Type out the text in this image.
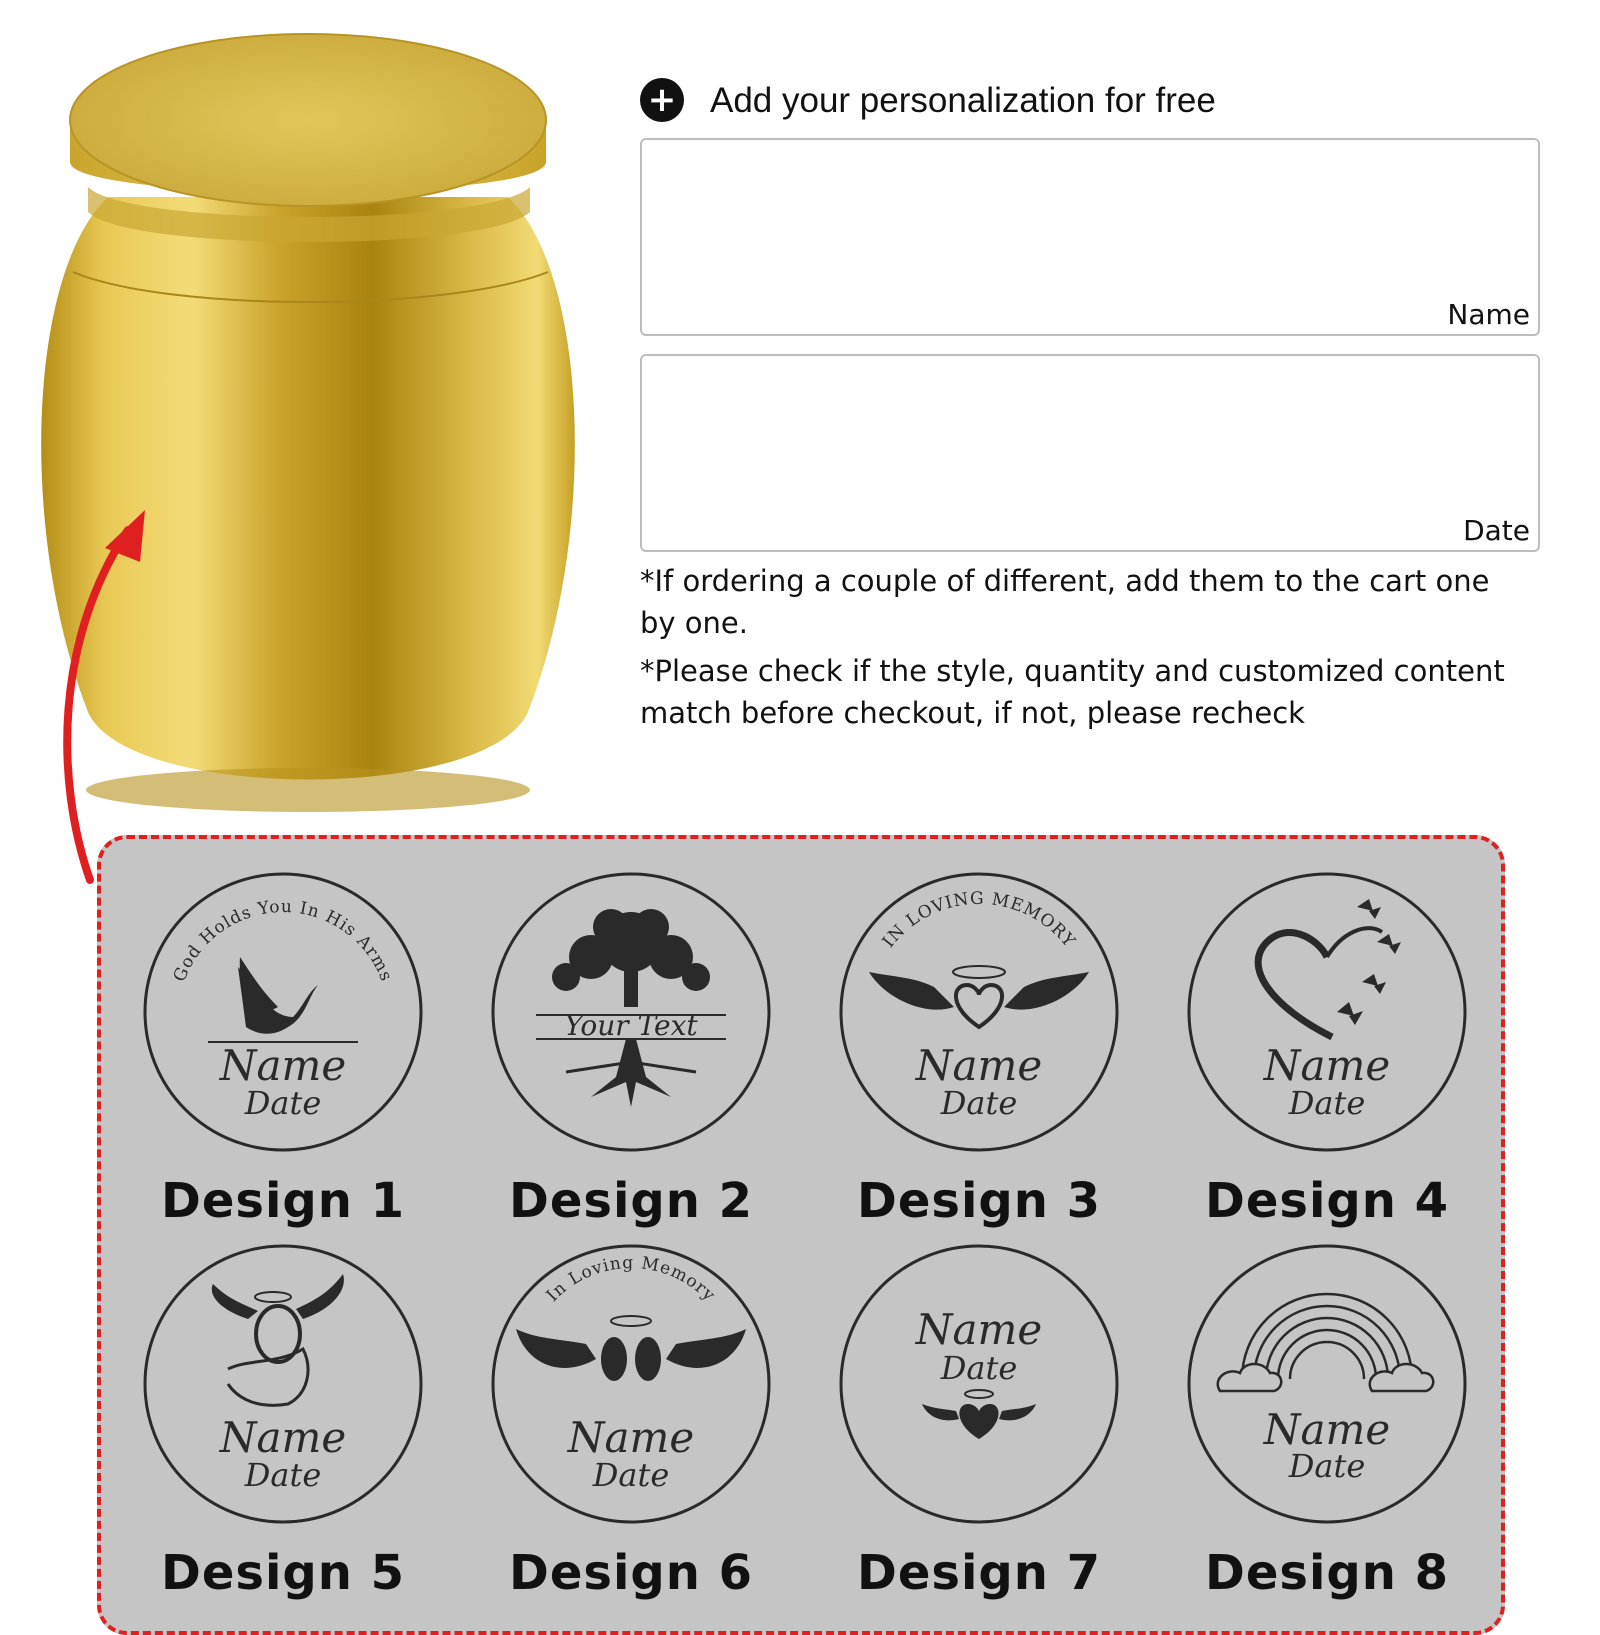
+ Add your personalization for free
Name
Date
*If ordering a couple of different, add them to the cart one
by one.
*Please check if the style, quantity and customized content
match before checkout, if not, please recheck
God Holds You In His Arms
Name
Date
Design 1
Your Text
Design 2
IN LOVING MEMORY
Name
Date
Design 3
Name
Date
Design 4
Name
Date
Design 5
In Loving Memory
Name
Date
Design 6
Name
Date
Design 7
Name
Date
Design 8
